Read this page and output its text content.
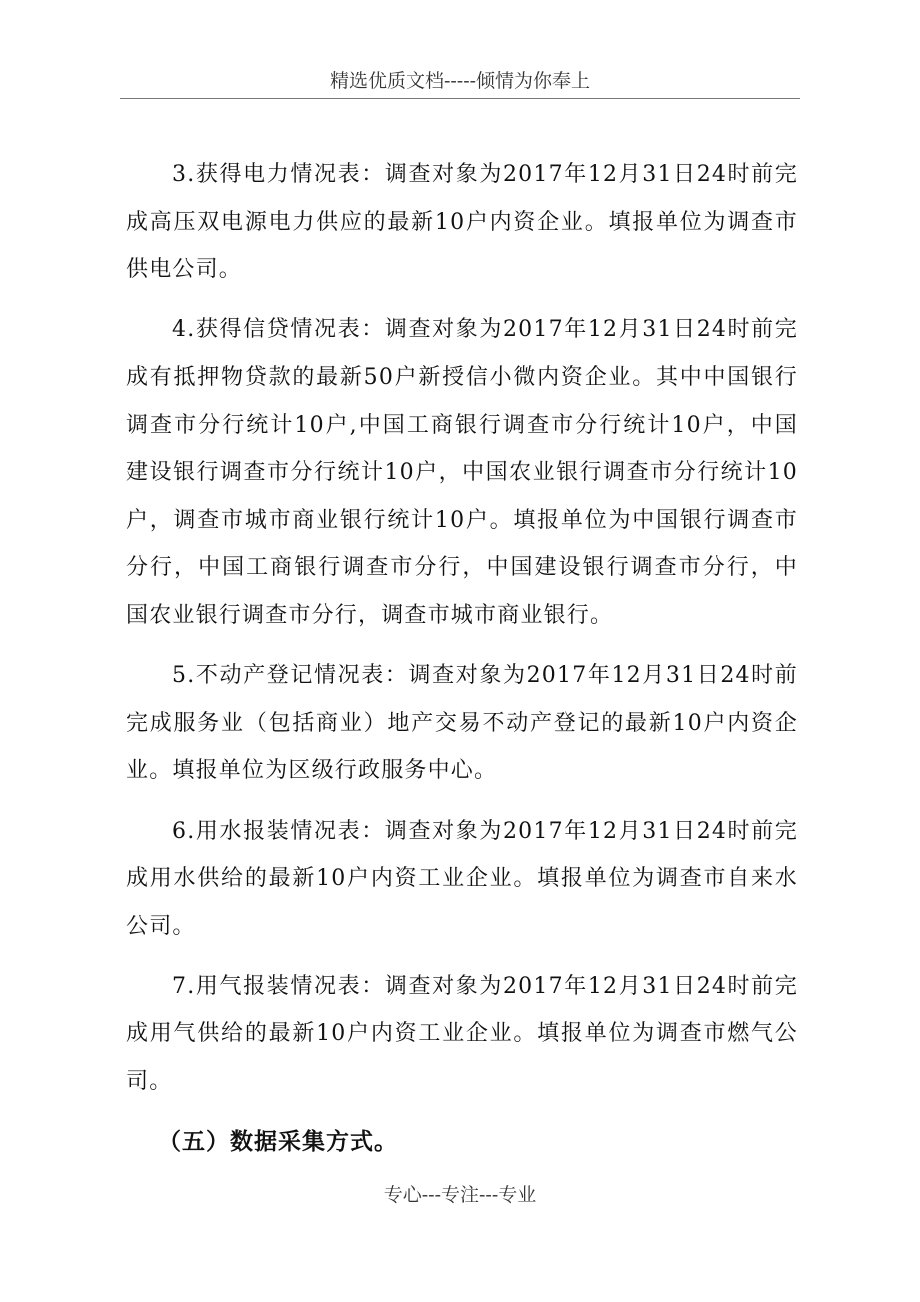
精选优质文档-----倾情为你奉上

3.获得电力情况表：调查对象为2017年12月31日24时前完成高压双电源电力供应的最新10户内资企业。填报单位为调查市供电公司。

4.获得信贷情况表：调查对象为2017年12月31日24时前完成有抵押物贷款的最新50户新授信小微内资企业。其中中国银行调查市分行统计10户,中国工商银行调查市分行统计10户，中国建设银行调查市分行统计10户，中国农业银行调查市分行统计10户，调查市城市商业银行统计10户。填报单位为中国银行调查市分行，中国工商银行调查市分行，中国建设银行调查市分行，中国农业银行调查市分行，调查市城市商业银行。

5.不动产登记情况表：调查对象为2017年12月31日24时前完成服务业（包括商业）地产交易不动产登记的最新10户内资企业。填报单位为区级行政服务中心。

6.用水报装情况表：调查对象为2017年12月31日24时前完成用水供给的最新10户内资工业企业。填报单位为调查市自来水公司。

7.用气报装情况表：调查对象为2017年12月31日24时前完成用气供给的最新10户内资工业企业。填报单位为调查市燃气公司。

（五）数据采集方式。
专心---专注---专业
